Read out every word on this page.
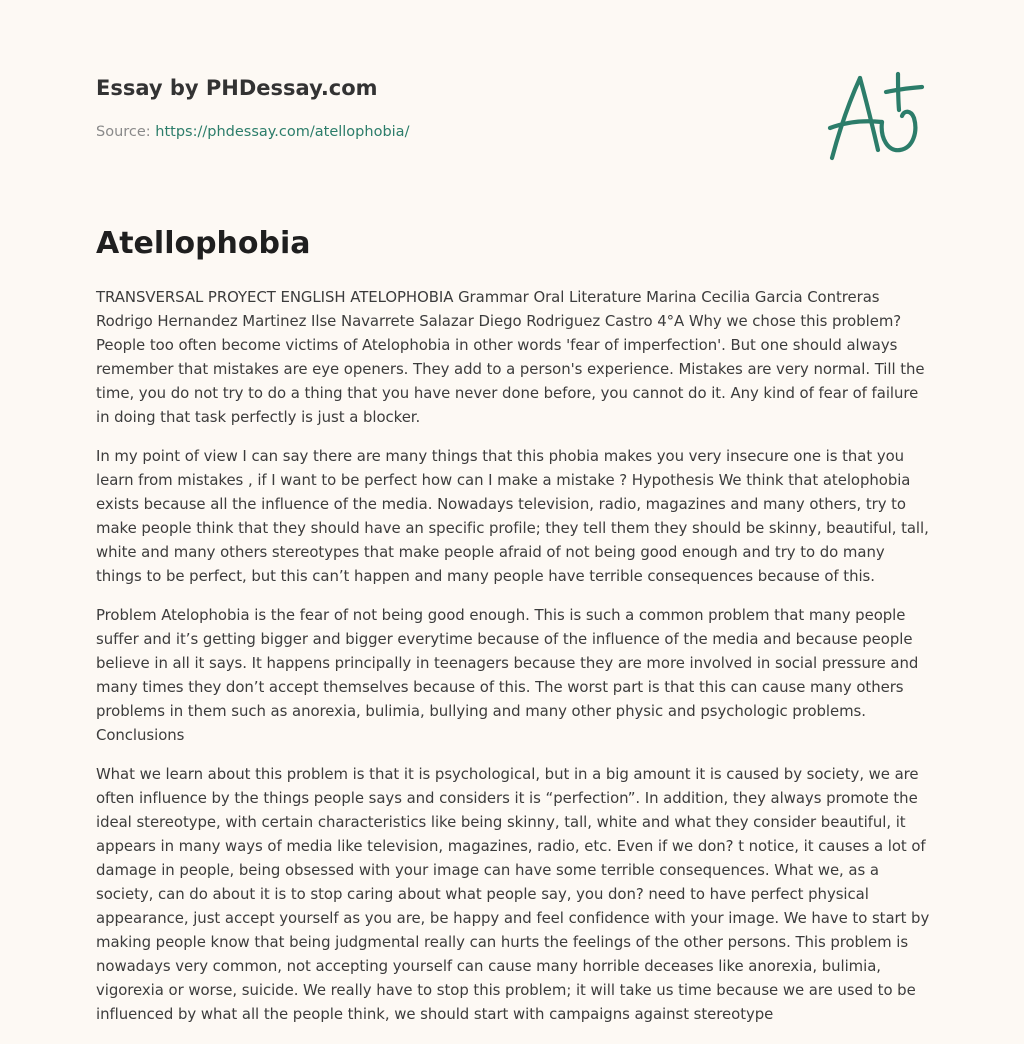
Essay by PHDessay.com
Source: https://phdessay.com/atellophobia/
Atellophobia

TRANSVERSAL PROYECT ENGLISH ATELOPHOBIA Grammar Oral Literature Marina Cecilia Garcia Contreras Rodrigo Hernandez Martinez Ilse Navarrete Salazar Diego Rodriguez Castro 4°A Why we chose this problem? People too often become victims of Atelophobia in other words 'fear of imperfection'. But one should always remember that mistakes are eye openers. They add to a person's experience. Mistakes are very normal. Till the time, you do not try to do a thing that you have never done before, you cannot do it. Any kind of fear of failure in doing that task perfectly is just a blocker.

In my point of view I can say there are many things that this phobia makes you very insecure one is that you learn from mistakes , if I want to be perfect how can I make a mistake ? Hypothesis We think that atelophobia exists because all the influence of the media. Nowadays television, radio, magazines and many others, try to make people think that they should have an specific profile; they tell them they should be skinny, beautiful, tall, white and many others stereotypes that make people afraid of not being good enough and try to do many things to be perfect, but this can’t happen and many people have terrible consequences because of this.

Problem Atelophobia is the fear of not being good enough. This is such a common problem that many people suffer and it’s getting bigger and bigger everytime because of the influence of the media and because people believe in all it says. It happens principally in teenagers because they are more involved in social pressure and many times they don’t accept themselves because of this. The worst part is that this can cause many others problems in them such as anorexia, bulimia, bullying and many other physic and psychologic problems. Conclusions

What we learn about this problem is that it is psychological, but in a big amount it is caused by society, we are often influence by the things people says and considers it is “perfection”. In addition, they always promote the ideal stereotype, with certain characteristics like being skinny, tall, white and what they consider beautiful, it appears in many ways of media like television, magazines, radio, etc. Even if we don? t notice, it causes a lot of damage in people, being obsessed with your image can have some terrible consequences. What we, as a society, can do about it is to stop caring about what people say, you don? need to have perfect physical appearance, just accept yourself as you are, be happy and feel confidence with your image. We have to start by making people know that being judgmental really can hurts the feelings of the other persons. This problem is nowadays very common, not accepting yourself can cause many horrible deceases like anorexia, bulimia, vigorexia or worse, suicide. We really have to stop this problem; it will take us time because we are used to be influenced by what all the people think, we should start with campaigns against stereotype
